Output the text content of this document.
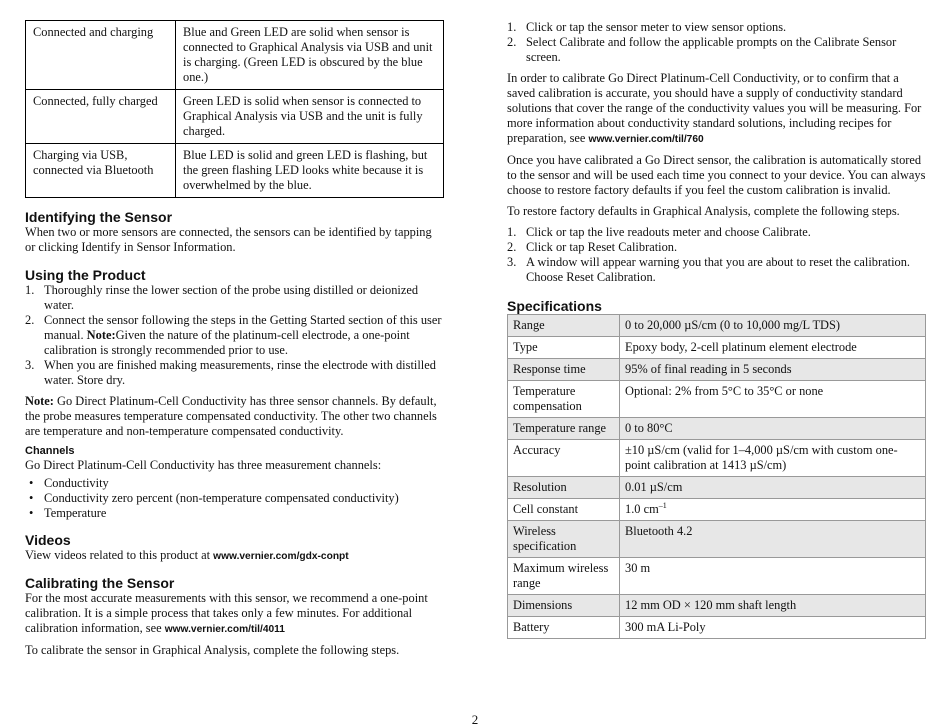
Connected and charging	Blue and Green LED are solid when sensor is connected to Graphical Analysis via USB and unit is charging. (Green LED is obscured by the blue one.)
Connected, fully charged	Green LED is solid when sensor is connected to Graphical Analysis via USB and the unit is fully charged.
Charging via USB, connected via Bluetooth	Blue LED is solid and green LED is flashing, but the green flashing LED looks white because it is overwhelmed by the blue.
Identifying the Sensor

When two or more sensors are connected, the sensors can be identified by tapping or clicking Identify in Sensor Information.

Using the Product
1. Thoroughly rinse the lower section of the probe using distilled or deionized water.
2. Connect the sensor following the steps in the Getting Started section of this user manual. Note:Given the nature of the platinum-cell electrode, a one-point calibration is strongly recommended prior to use.
3. When you are finished making measurements, rinse the electrode with distilled water. Store dry.

Note: Go Direct Platinum-Cell Conductivity has three sensor channels. By default, the probe measures temperature compensated conductivity. The other two channels are temperature and non-temperature compensated conductivity.

Channels

Go Direct Platinum-Cell Conductivity has three measurement channels:

• Conductivity
• Conductivity zero percent (non-temperature compensated conductivity)
• Temperature
Videos

View videos related to this product at www.vernier.com/gdx-conpt

Calibrating the Sensor

For the most accurate measurements with this sensor, we recommend a one-point calibration. It is a simple process that takes only a few minutes. For additional calibration information, see www.vernier.com/til/4011

To calibrate the sensor in Graphical Analysis, complete the following steps.

1. Click or tap the sensor meter to view sensor options.
2. Select Calibrate and follow the applicable prompts on the Calibrate Sensor screen.

In order to calibrate Go Direct Platinum-Cell Conductivity, or to confirm that a saved calibration is accurate, you should have a supply of conductivity standard solutions that cover the range of the conductivity values you will be measuring. For more information about conductivity standard solutions, including recipes for preparation, see www.vernier.com/til/760

Once you have calibrated a Go Direct sensor, the calibration is automatically stored to the sensor and will be used each time you connect to your device. You can always choose to restore factory defaults if you feel the custom calibration is invalid.

To restore factory defaults in Graphical Analysis, complete the following steps.

1. Click or tap the live readouts meter and choose Calibrate.
2. Click or tap Reset Calibration.
3. A window will appear warning you that you are about to reset the calibration. Choose Reset Calibration.
Specifications
Range	0 to 20,000 µS/cm (0 to 10,000 mg/L TDS)
Type	Epoxy body, 2-cell platinum element electrode
Response time	95% of final reading in 5 seconds
Temperature compensation	Optional: 2% from 5°C to 35°C or none
Temperature range	0 to 80°C
Accuracy	±10 µS/cm (valid for 1–4,000 µS/cm with custom one-point calibration at 1413 µS/cm)
Resolution	0.01 µS/cm
Cell constant	1.0 $cm^{-1}$
Wireless specification	Bluetooth 4.2
Maximum wireless range	30 m
Dimensions	12 mm OD × 120 mm shaft length
Battery	300 mA Li-Poly
2
